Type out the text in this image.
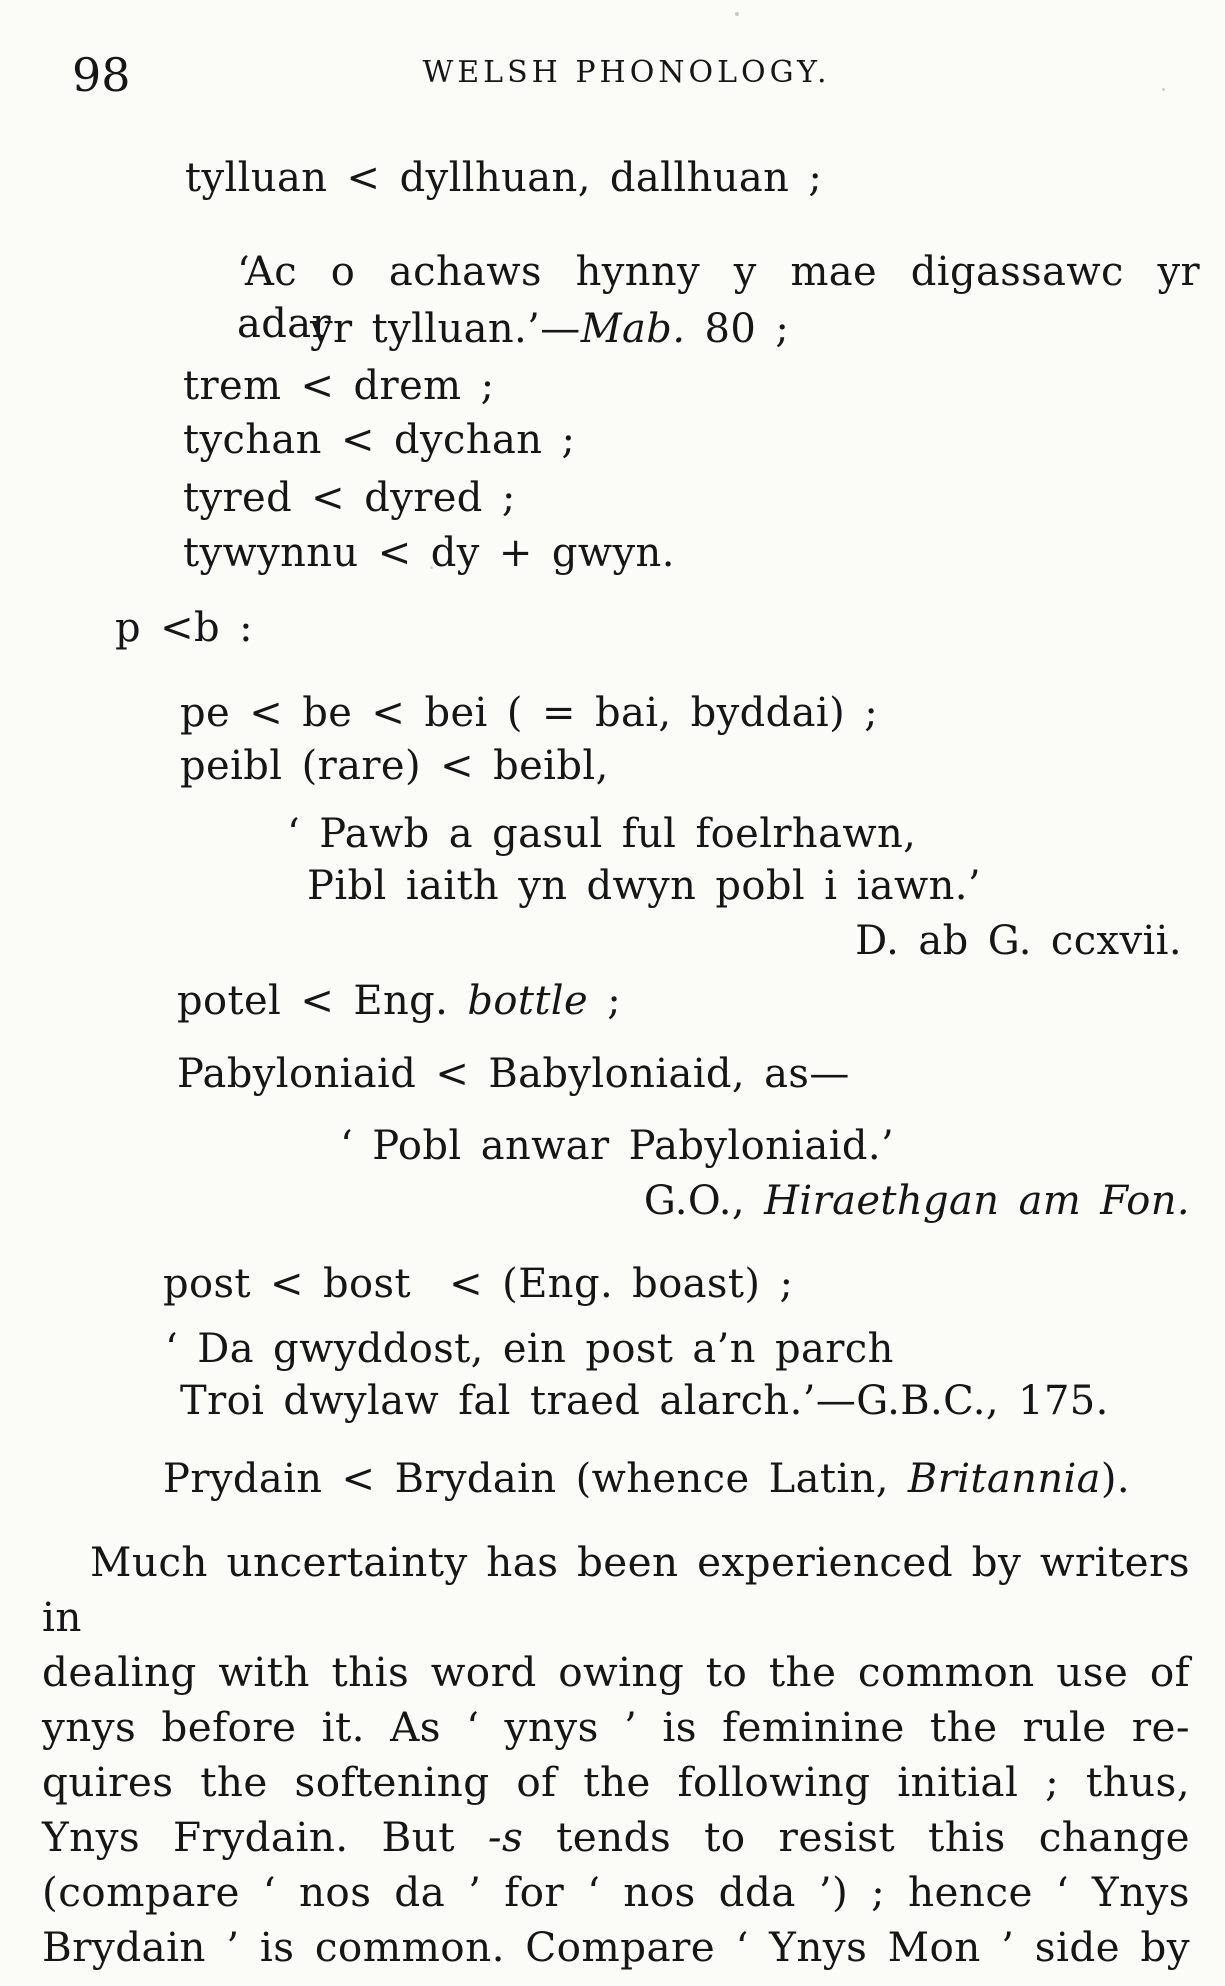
98	WELSH PHONOLOGY.
tylluan < dyllhuan, dallhuan ;
‘Ac o achaws hynny y mae digassawc yr adar
yr tylluan.’—Mab. 80 ;
trem < drem ;
tychan < dychan ;
tyred < dyred ;
tywynnu < dy + gwyn.
p <b :
pe < be < bei ( = bai, byddai) ;
peibl (rare) < beibl,
‘ Pawb a gasul ful foelrhawn,
Pibl iaith yn dwyn pobl i iawn.’
D. ab G. ccxvii.
potel < Eng. bottle ;
Pabyloniaid < Babyloniaid, as—
‘ Pobl anwar Pabyloniaid.’
G.O., Hiraethgan am Fon.
post < bost  < (Eng. boast) ;
‘ Da gwyddost, ein post a’n parch
Troi dwylaw fal traed alarch.’—G.B.C., 175.
Prydain < Brydain (whence Latin, Britannia).
Much uncertainty has been experienced by writers in
dealing with this word owing to the common use of
ynys before it. As ‘ ynys ’ is feminine the rule re-
quires the softening of the following initial ; thus,
Ynys Frydain. But -s tends to resist this change
(compare ‘ nos da ’ for ‘ nos dda ’) ; hence ‘ Ynys
Brydain ’ is common. Compare ‘ Ynys Mon ’ side by
